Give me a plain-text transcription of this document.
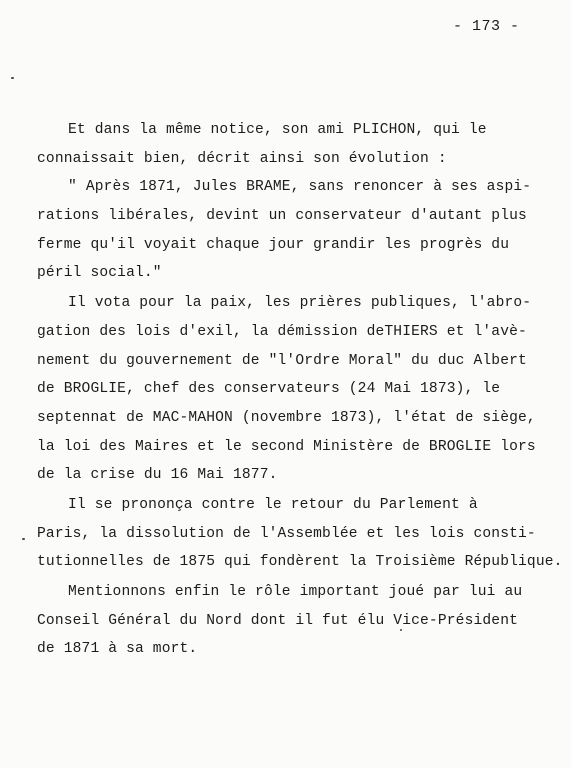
- 173 -
Et dans la même notice, son ami PLICHON, qui le
connaissait bien, décrit ainsi son évolution :
" Après 1871, Jules BRAME, sans renoncer à ses aspi-
rations libérales, devint un conservateur d'autant plus
ferme qu'il voyait chaque jour grandir les progrès du
péril social."
Il vota pour la paix, les prières publiques, l'abro-
gation des lois d'exil, la démission deTHIERS et l'avè-
nement du gouvernement de "l'Ordre Moral" du duc Albert
de BROGLIE, chef des conservateurs (24 Mai 1873), le
septennat de MAC-MAHON (novembre 1873), l'état de siège,
la loi des Maires et le second Ministère de BROGLIE lors
de la crise du 16 Mai 1877.
Il se prononça contre le retour du Parlement à
Paris, la dissolution de l'Assemblée et les lois consti-
tutionnelles de 1875 qui fondèrent la Troisième République.
Mentionnons enfin le rôle important joué par lui au
Conseil Général du Nord dont il fut élu Vice-Président
de 1871 à sa mort.
